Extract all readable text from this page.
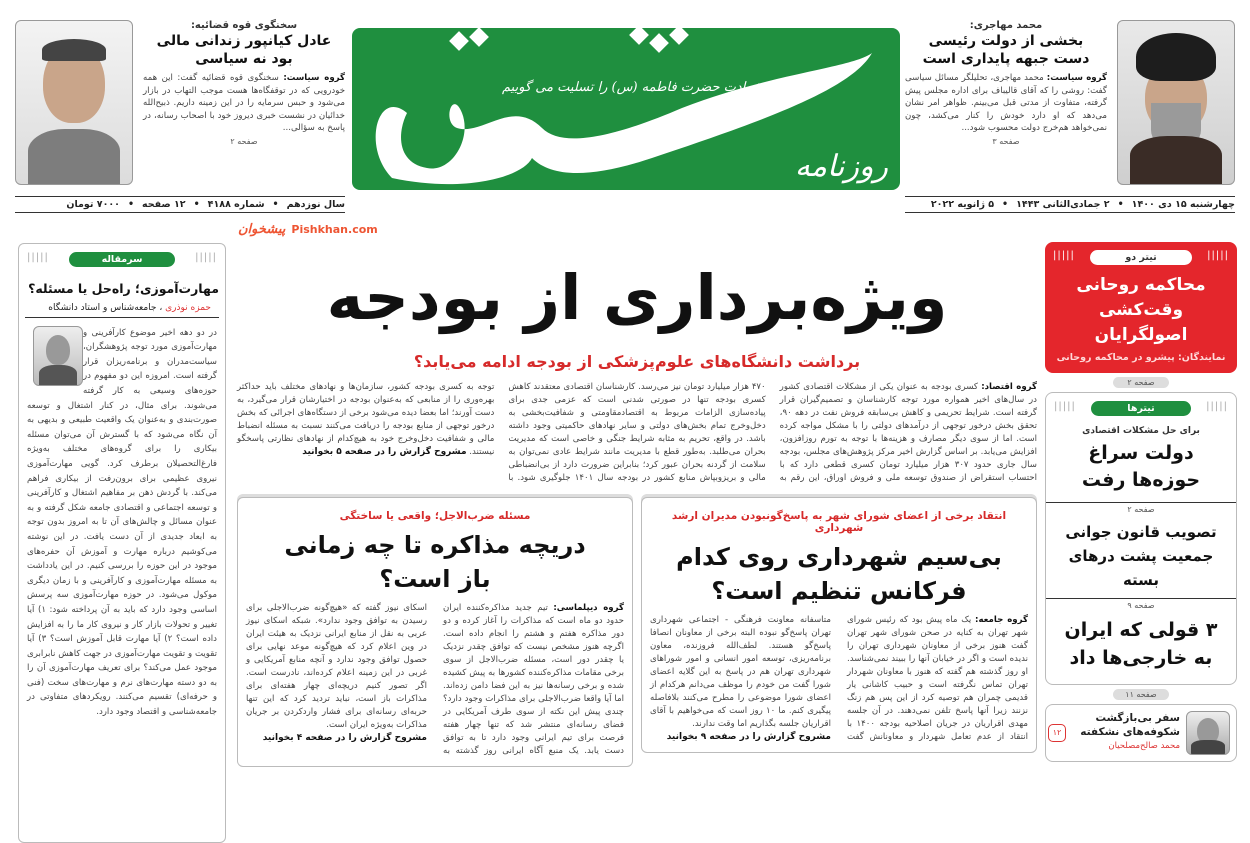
محمد مهاجری:
بخشی از دولت رئیسی دست جبهه پایداری است

گروه سیاست: محمد مهاجری، تحلیلگر مسائل سیاسی گفت: روشی را که آقای قالیباف برای اداره مجلس پیش گرفته، متفاوت از مدتی قبل می‌بینم. ظواهر امر نشان می‌دهد که او دارد خودش را کنار می‌کشد، چون نمی‌خواهد هم‌خرج دولت محسوب شود...

صفحه ۳
چهارشنبه ۱۵ دی ۱۴۰۰
•
۲ جمادی‌الثانی ۱۴۴۳
•
۵ ژانویه ۲۰۲۲
شهادت حضرت فاطمه (س) را تسلیت می گوییم
روزنامه
سخنگوی قوه قضائیه:
عادل کیانپور زندانی مالی بود نه سیاسی

گروه سیاست: سخنگوی قوه قضائیه گفت: این همه خودرویی که در توقفگاه‌ها هست موجب التهاب در بازار می‌شود و حبس سرمایه را در این زمینه داریم. ذبیح‌الله خدائیان در نشست خبری دیروز خود با اصحاب رسانه، در پاسخ به سؤالی...

صفحه ۲
سال نوزدهم
•
شماره ۴۱۸۸
•
۱۲ صفحه
•
۷۰۰۰ تومان
|||||	|||||
سرمقاله
مهارت‌آموزی؛ راه‌حل یا مسئله؟
حمزه نوذری ، جامعه‌شناس و استاد دانشگاه

در دو دهه اخیر موضوع کارآفرینی و مهارت‌آموزی مورد توجه پژوهشگران، سیاست‌مدران و برنامه‌ریزان قرار گرفته است. امروزه این دو مفهوم در حوزه‌های وسیعی به کار گرفته می‌شوند. برای مثال، در کنار اشتغال و توسعه صورت‌بندی و به‌عنوان یک واقعیت طبیعی و بدیهی به آن نگاه می‌شود که با گسترش آن می‌توان مسئله بیکاری را برای گروه‌های مختلف به‌ویژه فارغ‌التحصیلان برطرف کرد. گویی مهارت‌آموزی نیروی عظیمی برای برون‌رفت از بیکاری فراهم می‌کند. با گردش ذهن بر مفاهیم اشتغال و کارآفرینی و توسعه اجتماعی و اقتصادی جامعه شکل گرفته و به عنوان مسائل و چالش‌های آن تا به امروز بدون توجه به ابعاد جدیدی از آن دست یافت. در این نوشته می‌کوشیم درباره مهارت و آموزش آن حفره‌های موجود در این حوزه را بررسی کنیم. در این یادداشت به مسئله مهارت‌آموزی و کارآفرینی و با زمان دیگری موکول می‌شود. در حوزه مهارت‌آموزی سه پرسش اساسی وجود دارد که باید به آن پرداخته شود: ۱) آیا تغییر و تحولات بازار کار و نیروی کار ما را به افزایش داده است؟ ۲) آیا مهارت قابل آموزش است؟ ۳) آیا تقویت و تقویت مهارت‌آموزی در جهت کاهش نابرابری موجود عمل می‌کند؟ برای تعریف مهارت‌آموزی آن را به دو دسته مهارت‌های نرم و مهارت‌های سخت (فنی و حرفه‌ای) تقسیم می‌کنند. رویکردهای متفاوتی در جامعه‌شناسی و اقتصاد وجود دارد.

ویژه‌برداری از بودجه
برداشت دانشگاه‌های علوم‌پزشکی از بودجه ادامه می‌یابد؟
گروه اقتصاد: کسری بودجه به عنوان یکی از مشکلات اقتصادی کشور در سال‌های اخیر همواره مورد توجه کارشناسان و تصمیم‌گیران قرار گرفته است. شرایط تحریمی و کاهش بی‌سابقه فروش نفت در دهه ۹۰، تحقق بخش درخور توجهی از درآمدهای دولتی را با مشکل مواجه کرده است. اما از سوی دیگر مصارف و هزینه‌ها با توجه به تورم روزافزون، افزایش می‌یابد. بر اساس گزارش اخیر مرکز پژوهش‌های مجلس، بودجه سال جاری حدود ۳۰۷ هزار میلیارد تومان کسری قطعی دارد که با احتساب استقراض از صندوق توسعه ملی و فروش اوراق، این رقم به ۴۷۰ هزار میلیارد تومان نیز می‌رسد. کارشناسان اقتصادی معتقدند کاهش کسری بودجه تنها در صورتی شدنی است که عزمی جدی برای پیاده‌سازی الزامات مربوط به اقتصادمقاومتی و شفافیت‌بخشی به دخل‌وخرج تمام بخش‌های دولتی و سایر نهادهای حاکمیتی وجود داشته باشد. در واقع، تحریم به مثابه شرایط جنگی و خاصی است که مدیریت بحران می‌طلبد. به‌طور قطع با مدیریت مانند شرایط عادی نمی‌توان به سلامت از گردنه بحران عبور کرد؛ بنابراین ضرورت دارد از بی‌انضباطی مالی و بریزوبپاش منابع کشور در بودجه سال ۱۴۰۱ جلوگیری شود. با توجه به کسری بودجه کشور، سازمان‌ها و نهادهای مختلف باید حداکثر بهره‌وری را از منابعی که به‌عنوان بودجه در اختیارشان قرار می‌گیرد، به دست آورند؛ اما بعضا دیده می‌شود برخی از دستگاه‌های اجرائی که بخش درخور توجهی از منابع بودجه را دریافت می‌کنند نسبت به مسئله انضباط مالی و شفافیت دخل‌وخرج خود به هیچ‌کدام از نهادهای نظارتی پاسخگو نیستند. مشروح گزارش را در صفحه ۵ بخوانید
انتقاد برخی از اعضای شورای شهر به پاسخ‌گونبودن مدیران ارشد شهرداری
بی‌سیم شهرداری روی کدام فرکانس تنظیم است؟
گروه جامعه: یک ماه پیش بود که رئیس شورای شهر تهران به کنایه در صحن شورای شهر تهران گفت هنوز برخی از معاونان شهرداری تهران را ندیده است و اگر در خیابان آنها را ببیند نمی‌شناسد. او روز گذشته هم گفته که هنوز با معاونان شهردار تهران تماس نگرفته است و حبیب کاشانی یار قدیمی چمران هم توصیه کرد از این پس هم زنگ نزنند زیرا آنها پاسخ تلفن نمی‌دهند. در آن جلسه مهدی اقراریان در جریان اصلاحیه بودجه ۱۴۰۰ با انتقاد از عدم تعامل شهردار و معاونانش گفت متاسفانه معاونت فرهنگی - اجتماعی شهرداری تهران پاسخ‌گو نبوده البته برخی از معاونان انصافا پاسخ‌گو هستند. لطف‌الله فروزنده، معاون برنامه‌ریزی، توسعه امور انسانی و امور شوراهای شهرداری تهران هم در پاسخ به این گلایه اعضای شورا گفت من خودم را موظف می‌دانم هرکدام از اعضای شورا موضوعی را مطرح می‌کنند بلافاصله پیگیری کنم. ما ۱۰ روز است که می‌خواهیم با آقای اقراریان جلسه بگذاریم اما وقت ندارند.
مشروح گزارش را در صفحه ۹ بخوانید
مسئله ضرب‌الاجل؛ واقعی یا ساختگی
دریچه مذاکره تا چه زمانی باز است؟
گروه دیپلماسی: تیم جدید مذاکره‌کننده ایران حدود دو ماه است که مذاکرات را آغاز کرده و دو دور مذاکره هفتم و هشتم را انجام داده است. اگرچه هنوز مشخص نیست که توافق چقدر نزدیک یا چقدر دور است، مسئله ضرب‌الاجل از سوی برخی مقامات مذاکره‌کننده کشورها به پیش کشیده شده و برخی رسانه‌ها نیز به این فضا دامن زده‌اند. اما آیا واقعا ضرب‌الاجلی برای مذاکرات وجود دارد؟ چندی پیش این نکته از سوی طرف آمریکایی در فضای رسانه‌ای منتشر شد که تنها چهار هفته فرصت برای تیم ایرانی وجود دارد تا به توافق دست یابد. یک منبع آگاه ایرانی روز گذشته به اسکای نیوز گفته که «هیچ‌گونه ضرب‌الاجلی برای رسیدن به توافق وجود ندارد». شبکه اسکای نیوز عربی به نقل از منابع ایرانی نزدیک به هیئت ایران در وین اعلام کرد که هیچ‌گونه موعد نهایی برای حصول توافق وجود ندارد و آنچه منابع آمریکایی و غربی در این زمینه اعلام کرده‌اند، نادرست است. اگر تصور کنیم دریچه‌ای چهار هفته‌ای برای مذاکرات باز است، نباید تردید کرد که این تنها حربه‌ای رسانه‌ای برای فشار واردکردن بر جریان مذاکرات به‌ویژه ایران است.
مشروح گزارش را در صفحه ۴ بخوانید
|||||	|||||
تیتر دو
محاکمه روحانی وقت‌کشی اصولگرایان
نمایندگان: پیشرو در محاکمه روحانی
صفحه ۲
|||||	|||||
تیترها
برای حل مشکلات اقتصادی
دولت سراغ حوزه‌ها رفت
صفحه ۲
تصویب قانون جوانی جمعیت پشت درهای بسته
صفحه ۹
۳ قولی که ایران به خارجی‌ها داد
صفحه ۱۱
سفر بی‌بازگشت شکوفه‌های نشکفته
محمد صالح‌مصلحیان
۱۲
پیشخوان Pishkhan.com
